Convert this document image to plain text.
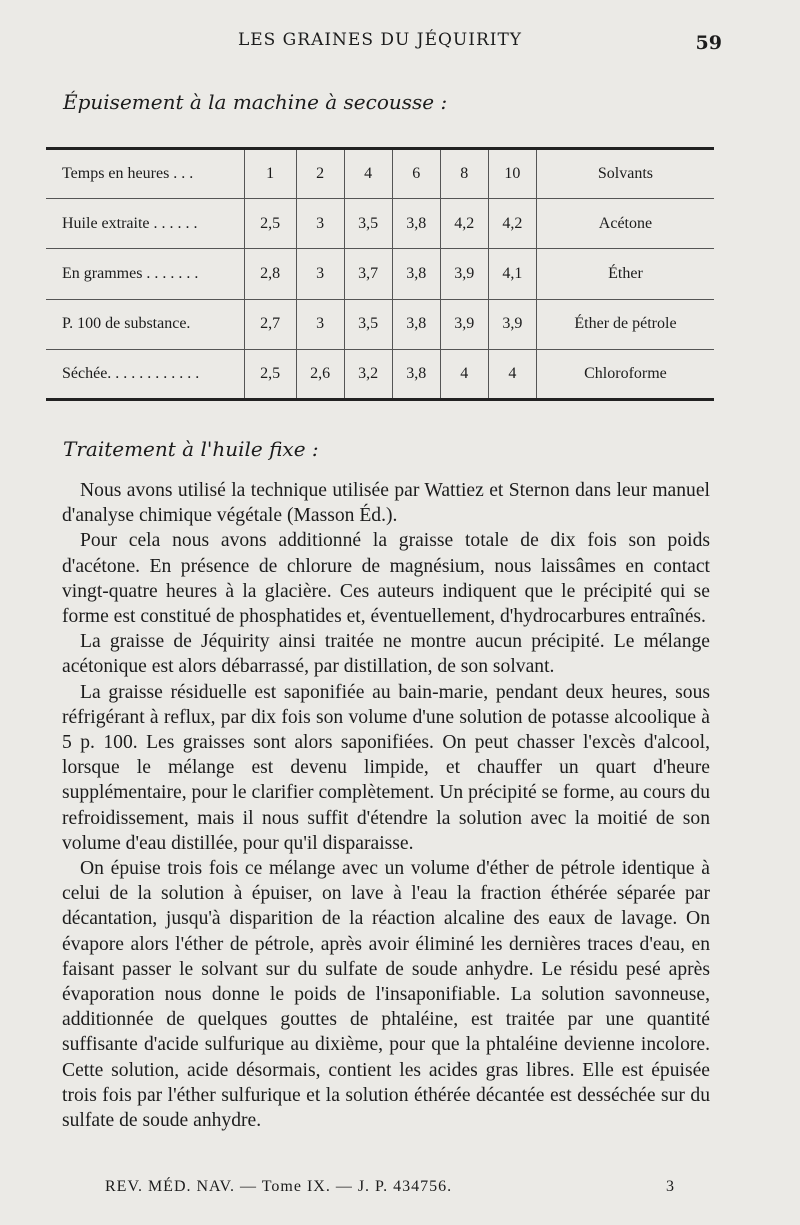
LES GRAINES DU JÉQUIRITY	59
Épuisement à la machine à secousse :
Temps en heures . . .	1	2	4	6	8	10	Solvants
Huile extraite . . . . . .	2,5	3	3,5	3,8	4,2	4,2	Acétone
En grammes . . . . . . .	2,8	3	3,7	3,8	3,9	4,1	Éther
P. 100 de substance.	2,7	3	3,5	3,8	3,9	3,9	Éther de pétrole
Séchée. . . . . . . . . . . .	2,5	2,6	3,2	3,8	4	4	Chloroforme
Traitement à l'huile fixe :

Nous avons utilisé la technique utilisée par Wattiez et Sternon dans leur manuel d'analyse chimique végétale (Masson Éd.).

Pour cela nous avons additionné la graisse totale de dix fois son poids d'acétone. En présence de chlorure de magnésium, nous laissâmes en contact vingt-quatre heures à la glacière. Ces auteurs indiquent que le précipité qui se forme est constitué de phosphatides et, éventuellement, d'hydrocarbures entraînés.

La graisse de Jéquirity ainsi traitée ne montre aucun précipité. Le mélange acétonique est alors débarrassé, par distillation, de son solvant.

La graisse résiduelle est saponifiée au bain-marie, pendant deux heures, sous réfrigérant à reflux, par dix fois son volume d'une solution de potasse alcoolique à 5 p. 100. Les graisses sont alors saponifiées. On peut chasser l'excès d'alcool, lorsque le mélange est devenu limpide, et chauffer un quart d'heure supplémentaire, pour le clarifier complètement. Un précipité se forme, au cours du refroidissement, mais il nous suffit d'étendre la solution avec la moitié de son volume d'eau distillée, pour qu'il disparaisse.

On épuise trois fois ce mélange avec un volume d'éther de pétrole identique à celui de la solution à épuiser, on lave à l'eau la fraction éthérée séparée par décantation, jusqu'à disparition de la réaction alcaline des eaux de lavage. On évapore alors l'éther de pétrole, après avoir éliminé les dernières traces d'eau, en faisant passer le solvant sur du sulfate de soude anhydre. Le résidu pesé après évaporation nous donne le poids de l'insaponifiable. La solution savonneuse, additionnée de quelques gouttes de phtaléine, est traitée par une quantité suffisante d'acide sulfurique au dixième, pour que la phtaléine devienne incolore. Cette solution, acide désormais, contient les acides gras libres. Elle est épuisée trois fois par l'éther sulfurique et la solution éthérée décantée est desséchée sur du sulfate de soude anhydre.

REV. MÉD. NAV. — Tome IX. — J. P. 434756.	3
